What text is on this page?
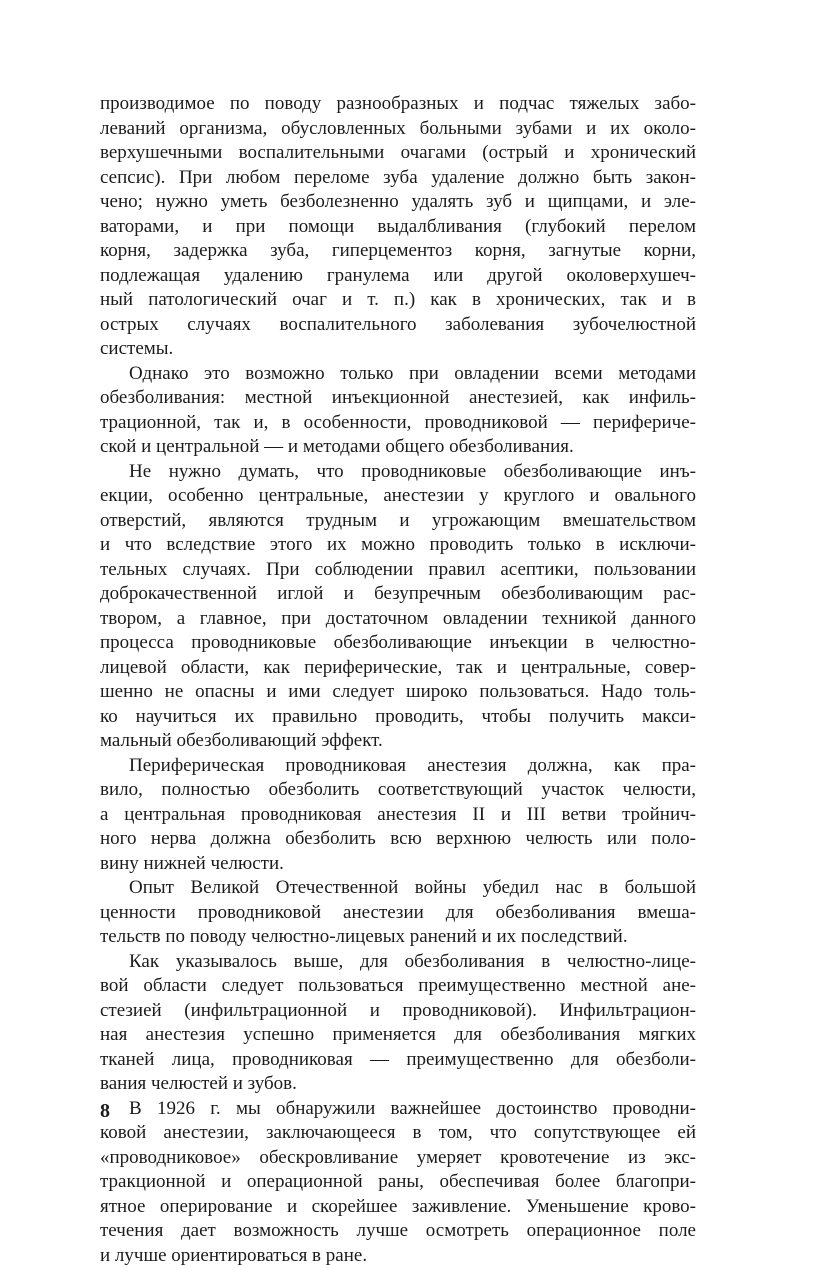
производимое по поводу разнообразных и подчас тяжелых забо-
леваний организма, обусловленных больными зубами и их около-
верхушечными воспалительными очагами (острый и хронический
сепсис). При любом переломе зуба удаление должно быть закон-
чено; нужно уметь безболезненно удалять зуб и щипцами, и эле-
ваторами, и при помощи выдалбливания (глубокий перелом
корня, задержка зуба, гиперцементоз корня, загнутые корни,
подлежащая удалению гранулема или другой околоверхушеч-
ный патологический очаг и т. п.) как в хронических, так и в
острых случаях воспалительного заболевания зубочелюстной
системы.
Однако это возможно только при овладении всеми методами
обезболивания: местной инъекционной анестезией, как инфиль-
трационной, так и, в особенности, проводниковой — перифериче-
ской и центральной — и методами общего обезболивания.
Не нужно думать, что проводниковые обезболивающие инъ-
екции, особенно центральные, анестезии у круглого и овального
отверстий, являются трудным и угрожающим вмешательством
и что вследствие этого их можно проводить только в исключи-
тельных случаях. При соблюдении правил асептики, пользовании
доброкачественной иглой и безупречным обезболивающим рас-
твором, а главное, при достаточном овладении техникой данного
процесса проводниковые обезболивающие инъекции в челюстно-
лицевой области, как периферические, так и центральные, совер-
шенно не опасны и ими следует широко пользоваться. Надо толь-
ко научиться их правильно проводить, чтобы получить макси-
мальный обезболивающий эффект.
Периферическая проводниковая анестезия должна, как пра-
вило, полностью обезболить соответствующий участок челюсти,
а центральная проводниковая анестезия II и III ветви тройнич-
ного нерва должна обезболить всю верхнюю челюсть или поло-
вину нижней челюсти.
Опыт Великой Отечественной войны убедил нас в большой
ценности проводниковой анестезии для обезболивания вмеша-
тельств по поводу челюстно-лицевых ранений и их последствий.
Как указывалось выше, для обезболивания в челюстно-лице-
вой области следует пользоваться преимущественно местной ане-
стезией (инфильтрационной и проводниковой). Инфильтрацион-
ная анестезия успешно применяется для обезболивания мягких
тканей лица, проводниковая — преимущественно для обезболи-
вания челюстей и зубов.
В 1926 г. мы обнаружили важнейшее достоинство проводни-
ковой анестезии, заключающееся в том, что сопутствующее ей
«проводниковое» обескровливание умеряет кровотечение из экс-
тракционной и операционной раны, обеспечивая более благопри-
ятное оперирование и скорейшее заживление. Уменьшение крово-
течения дает возможность лучше осмотреть операционное поле
и лучше ориентироваться в ране.
8
